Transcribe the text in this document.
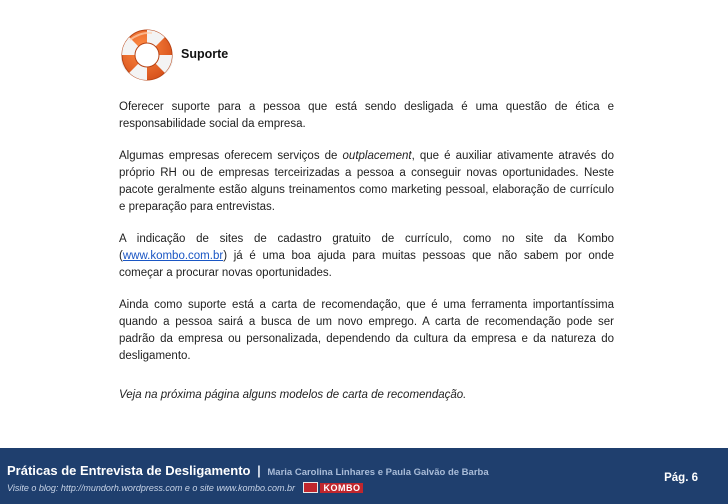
Suporte

Oferecer suporte para a pessoa que está sendo desligada é uma questão de ética e responsabilidade social da empresa.

Algumas empresas oferecem serviços de outplacement, que é auxiliar ativamente através do próprio RH ou de empresas terceirizadas a pessoa a conseguir novas oportunidades. Neste pacote geralmente estão alguns treinamentos como marketing pessoal, elaboração de currículo e preparação para entrevistas.

A indicação de sites de cadastro gratuito de currículo, como no site da Kombo (www.kombo.com.br) já é uma boa ajuda para muitas pessoas que não sabem por onde começar a procurar novas oportunidades.

Ainda como suporte está a carta de recomendação, que é uma ferramenta importantíssima quando a pessoa sairá a busca de um novo emprego. A carta de recomendação pode ser padrão da empresa ou personalizada, dependendo da cultura da empresa e da natureza do desligamento.

Veja na próxima página alguns modelos de carta de recomendação.

Práticas de Entrevista de Desligamento | Maria Carolina Linhares e Paula Galvão de Barba
Visite o blog: http://mundorh.wordpress.com e o site www.kombo.com.br	KOMBO
Pág. 6
